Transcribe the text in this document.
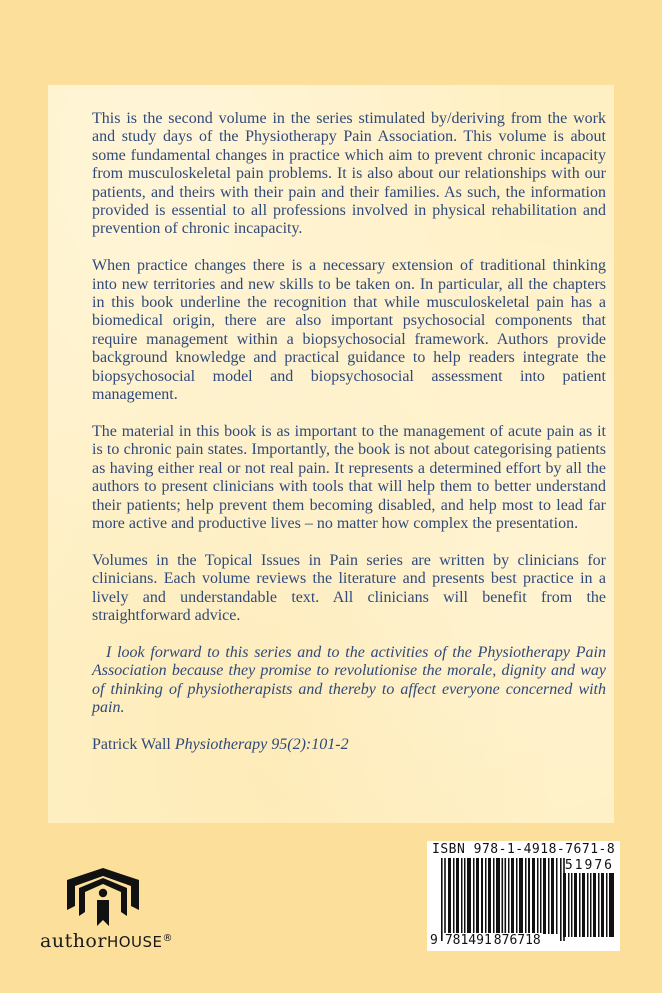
This is the second volume in the series stimulated by/deriving from the work and study days of the Physiotherapy Pain Association. This volume is about some fundamental changes in practice which aim to prevent chronic incapacity from musculoskeletal pain problems. It is also about our relationships with our patients, and theirs with their pain and their families. As such, the information provided is essential to all professions involved in physical rehabilitation and prevention of chronic incapacity.

When practice changes there is a necessary extension of traditional thinking into new territories and new skills to be taken on. In particular, all the chapters in this book underline the recognition that while musculoskeletal pain has a biomedical origin, there are also important psychosocial components that require management within a biopsychosocial framework. Authors provide background knowledge and practical guidance to help readers integrate the biopsychosocial model and biopsychosocial assessment into patient management.

The material in this book is as important to the management of acute pain as it is to chronic pain states. Importantly, the book is not about categorising patients as having either real or not real pain. It represents a determined effort by all the authors to present clinicians with tools that will help them to better understand their patients; help prevent them becoming disabled, and help most to lead far more active and productive lives – no matter how complex the presentation.

Volumes in the Topical Issues in Pain series are written by clinicians for clinicians. Each volume reviews the literature and presents best practice in a lively and understandable text. All clinicians will benefit from the straightforward advice.

I look forward to this series and to the activities of the Physiotherapy Pain Association because they promise to revolutionise the morale, dignity and way of thinking of physiotherapists and thereby to affect everyone concerned with pain.

Patrick Wall Physiotherapy 95(2):101-2

authorHOUSE®
ISBN 978-1-4918-7671-8
51976
9 781491 876718
